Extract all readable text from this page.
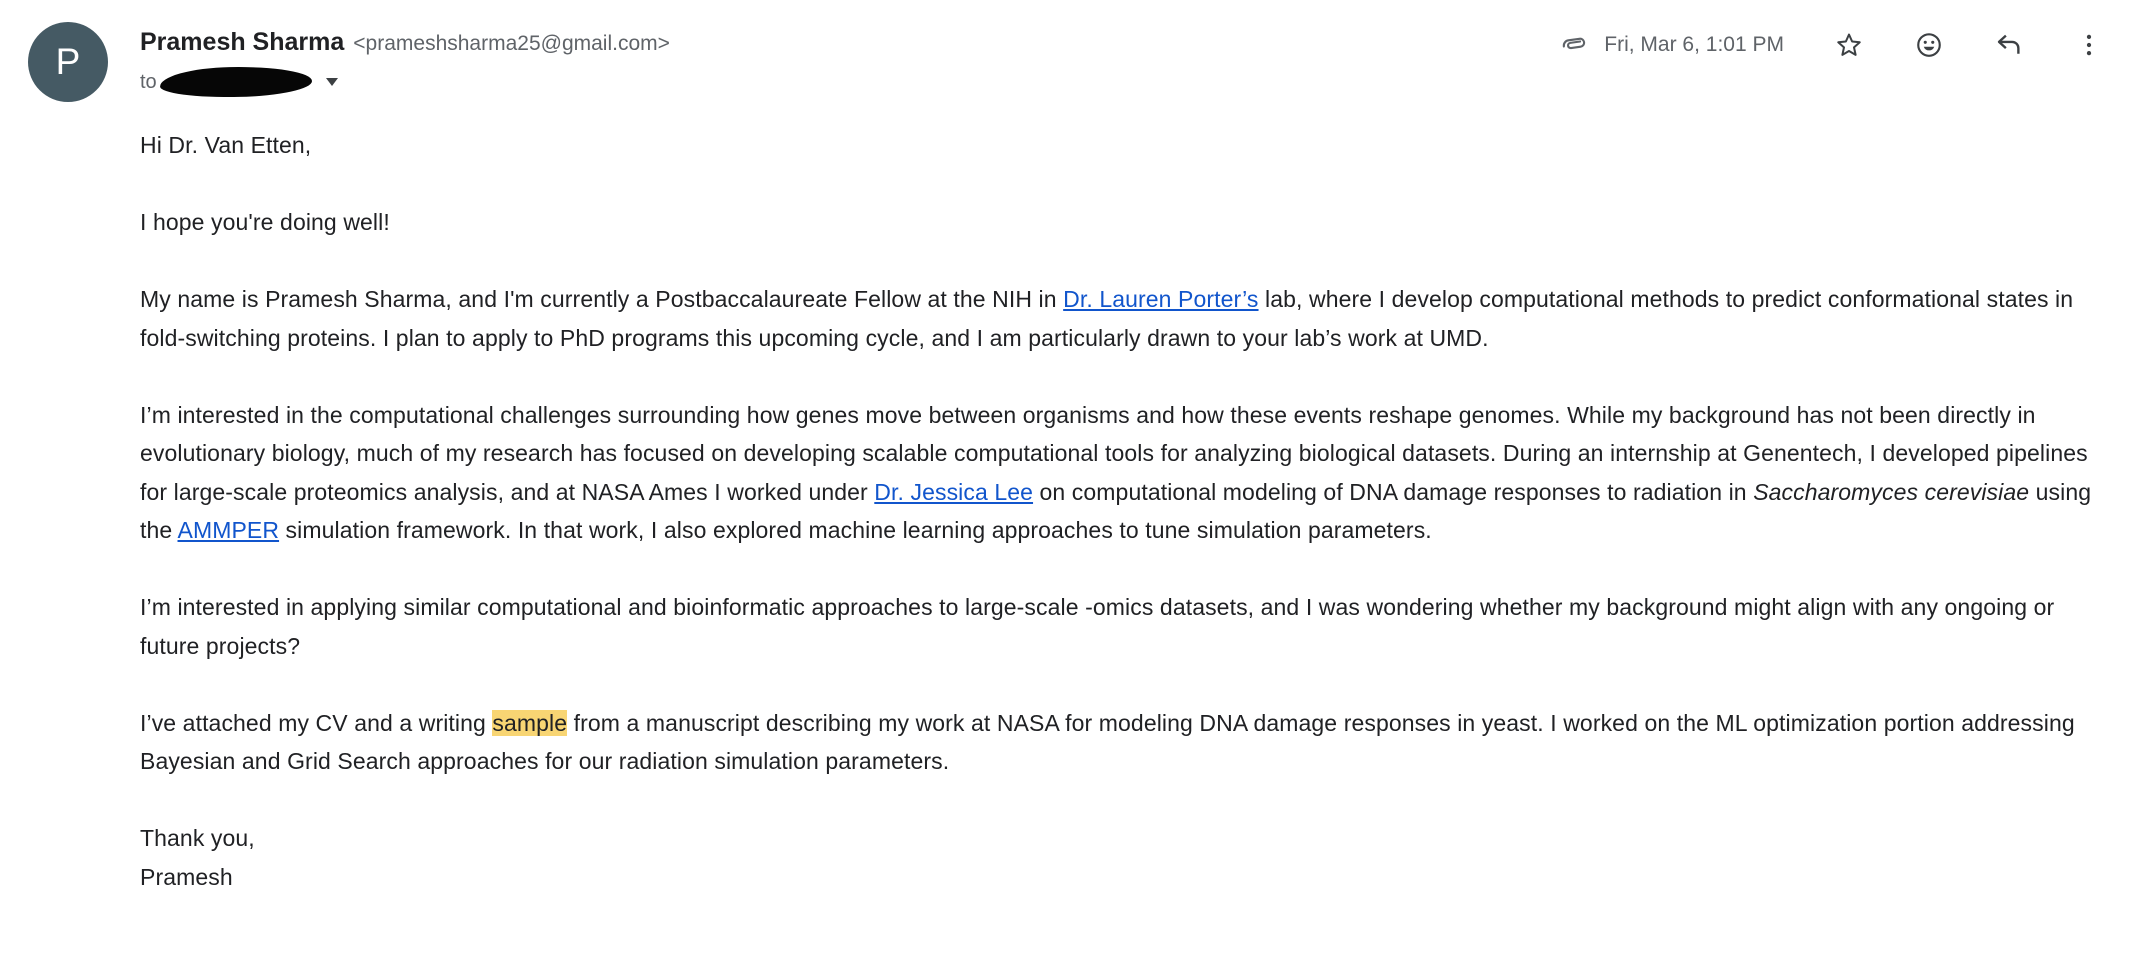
P Pramesh Sharma <prameshsharma25@gmail.com>
to
Fri, Mar 6, 1:01 PM

Hi Dr. Van Etten,

I hope you're doing well!

My name is Pramesh Sharma, and I'm currently a Postbaccalaureate Fellow at the NIH in Dr. Lauren Porter’s lab, where I develop computational methods to predict conformational states in fold-switching proteins. I plan to apply to PhD programs this upcoming cycle, and I am particularly drawn to your lab’s work at UMD.

I’m interested in the computational challenges surrounding how genes move between organisms and how these events reshape genomes. While my background has not been directly in evolutionary biology, much of my research has focused on developing scalable computational tools for analyzing biological datasets. During an internship at Genentech, I developed pipelines for large-scale proteomics analysis, and at NASA Ames I worked under Dr. Jessica Lee on computational modeling of DNA damage responses to radiation in Saccharomyces cerevisiae using the AMMPER simulation framework. In that work, I also explored machine learning approaches to tune simulation parameters.

I’m interested in applying similar computational and bioinformatic approaches to large-scale -omics datasets, and I was wondering whether my background might align with any ongoing or future projects?

I’ve attached my CV and a writing sample from a manuscript describing my work at NASA for modeling DNA damage responses in yeast. I worked on the ML optimization portion addressing Bayesian and Grid Search approaches for our radiation simulation parameters.

Thank you,
Pramesh
